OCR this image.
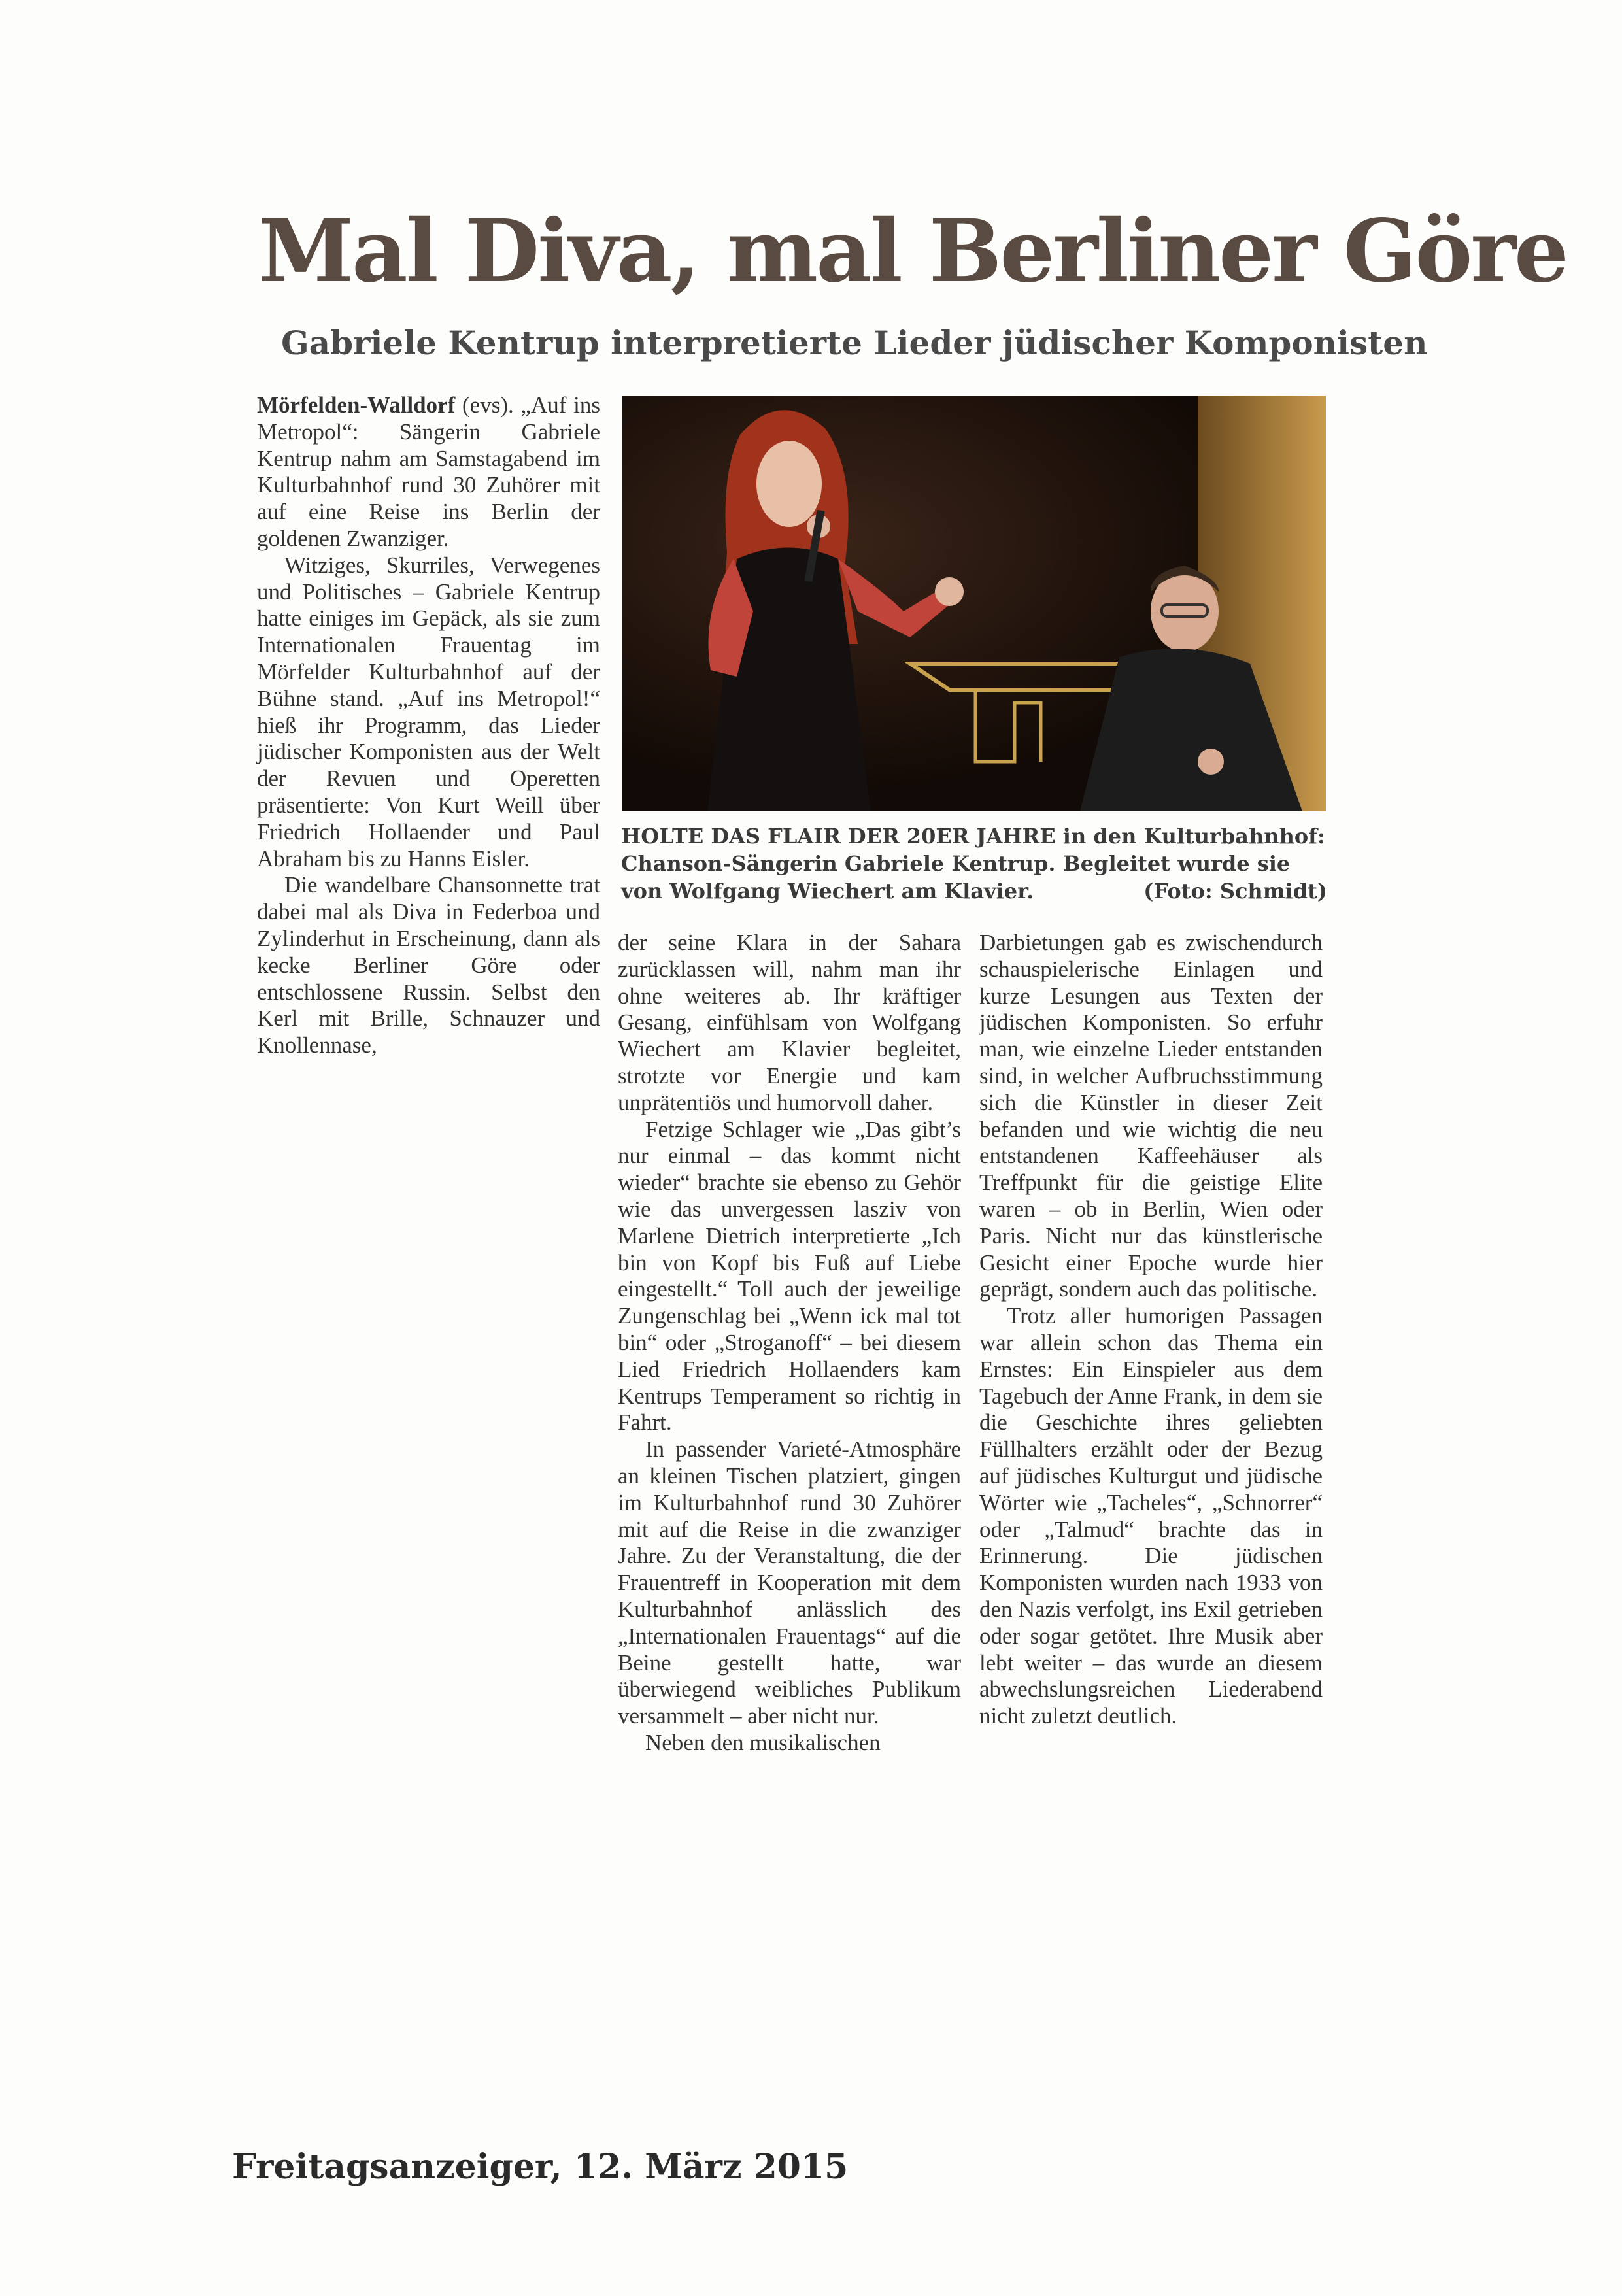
Mal Diva, mal Berliner Göre
Gabriele Kentrup interpretierte Lieder jüdischer Komponisten

Mörfelden-Walldorf (evs). „Auf ins Metropol“: Sängerin Gabriele Kentrup nahm am Samstagabend im Kulturbahnhof rund 30 Zuhörer mit auf eine Reise ins Berlin der goldenen Zwanziger.

Witziges, Skurriles, Verwegenes und Politisches – Gabriele Kentrup hatte einiges im Gepäck, als sie zum Internationalen Frauentag im Mörfelder Kulturbahnhof auf der Bühne stand. „Auf ins Metropol!“ hieß ihr Programm, das Lieder jüdischer Komponisten aus der Welt der Revuen und Operetten präsentierte: Von Kurt Weill über Friedrich Hollaender und Paul Abraham bis zu Hanns Eisler.

Die wandelbare Chansonnette trat dabei mal als Diva in Federboa und Zylinderhut in Erscheinung, dann als kecke Berliner Göre oder entschlossene Russin. Selbst den Kerl mit Brille, Schnauzer und Knollennase,

HOLTE DAS FLAIR DER 20ER JAHRE in den Kulturbahnhof: Chanson-Sängerin Gabriele Kentrup. Begleitet wurde sie von Wolfgang Wiechert am Klavier.	(Foto: Schmidt)

der seine Klara in der Sahara zurücklassen will, nahm man ihr ohne weiteres ab. Ihr kräftiger Gesang, einfühlsam von Wolfgang Wiechert am Klavier begleitet, strotzte vor Energie und kam unprätentiös und humorvoll daher.

Fetzige Schlager wie „Das gibt’s nur einmal – das kommt nicht wieder“ brachte sie ebenso zu Gehör wie das unvergessen lasziv von Marlene Dietrich interpretierte „Ich bin von Kopf bis Fuß auf Liebe eingestellt.“ Toll auch der jeweilige Zungenschlag bei „Wenn ick mal tot bin“ oder „Stroganoff“ – bei diesem Lied Friedrich Hollaenders kam Kentrups Temperament so richtig in Fahrt.

In passender Varieté-Atmosphäre an kleinen Tischen platziert, gingen im Kulturbahnhof rund 30 Zuhörer mit auf die Reise in die zwanziger Jahre. Zu der Veranstaltung, die der Frauentreff in Kooperation mit dem Kulturbahnhof anlässlich des „Internationalen Frauentags“ auf die Beine gestellt hatte, war überwiegend weibliches Publikum versammelt – aber nicht nur.

Neben den musikalischen

Darbietungen gab es zwischendurch schauspielerische Einlagen und kurze Lesungen aus Texten der jüdischen Komponisten. So erfuhr man, wie einzelne Lieder entstanden sind, in welcher Aufbruchsstimmung sich die Künstler in dieser Zeit befanden und wie wichtig die neu entstandenen Kaffeehäuser als Treffpunkt für die geistige Elite waren – ob in Berlin, Wien oder Paris. Nicht nur das künstlerische Gesicht einer Epoche wurde hier geprägt, sondern auch das politische.

Trotz aller humorigen Passagen war allein schon das Thema ein Ernstes: Ein Einspieler aus dem Tagebuch der Anne Frank, in dem sie die Geschichte ihres geliebten Füllhalters erzählt oder der Bezug auf jüdisches Kulturgut und jüdische Wörter wie „Tacheles“, „Schnorrer“ oder „Talmud“ brachte das in Erinnerung. Die jüdischen Komponisten wurden nach 1933 von den Nazis verfolgt, ins Exil getrieben oder sogar getötet. Ihre Musik aber lebt weiter – das wurde an diesem abwechslungsreichen Liederabend nicht zuletzt deutlich.

Freitagsanzeiger, 12. März 2015
